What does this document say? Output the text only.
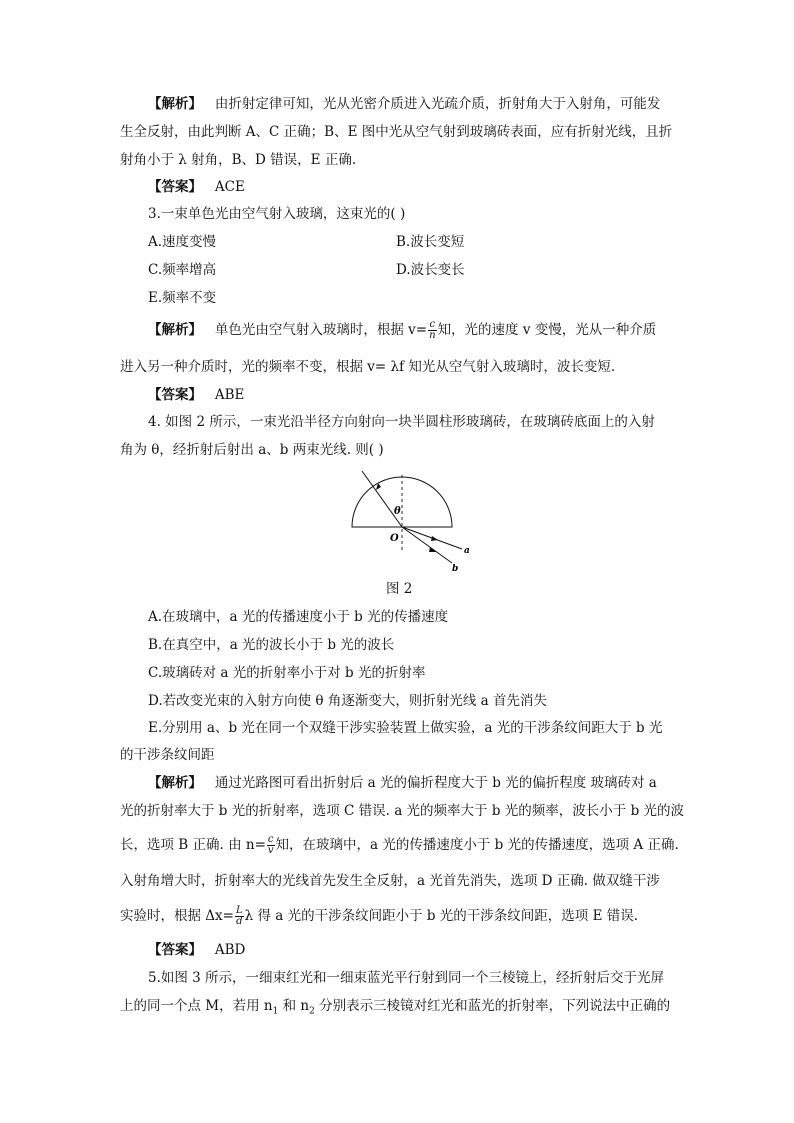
【解析】 由折射定律可知，光从光密介质进入光疏介质，折射角大于入射角，可能发
生全反射，由此判断 A、C 正确；B、E 图中光从空气射到玻璃砖表面，应有折射光线，且折
射角小于 λ 射角，B、D 错误，E 正确.
【答案】 ACE
3.一束单色光由空气射入玻璃，这束光的( )
A.速度变慢	B.波长变短
C.频率增高	D.波长变长
E.频率不变
【解析】 单色光由空气射入玻璃时，根据 $v= \frac{c}{n}$ 知，光的速度 v 变慢，光从一种介质
进入另一种介质时，光的频率不变，根据 v= λf 知光从空气射入玻璃时，波长变短.
【答案】 ABE
4. 如图 2 所示，一束光沿半径方向射向一块半圆柱形玻璃砖，在玻璃砖底面上的入射
角为 θ，经折射后射出 a、b 两束光线. 则( )
θ
O
a
b
图 2
A.在玻璃中，a 光的传播速度小于 b 光的传播速度
B.在真空中，a 光的波长小于 b 光的波长
C.玻璃砖对 a 光的折射率小于对 b 光的折射率
D.若改变光束的入射方向使 θ 角逐渐变大，则折射光线 a 首先消失
E.分别用 a、b 光在同一个双缝干涉实验装置上做实验，a 光的干涉条纹间距大于 b 光
的干涉条纹间距
【解析】 通过光路图可看出折射后 a 光的偏折程度大于 b 光的偏折程度 玻璃砖对 a
光的折射率大于 b 光的折射率，选项 C 错误. a 光的频率大于 b 光的频率，波长小于 b 光的波
长，选项 B 正确. 由 $n= \frac{c}{v}$ 知，在玻璃中，a 光的传播速度小于 b 光的传播速度，选项 A 正确.
入射角增大时，折射率大的光线首先发生全反射，a 光首先消失，选项 D 正确. 做双缝干涉
实验时，根据 $\Delta x= \frac{L}{d}$ λ 得 a 光的干涉条纹间距小于 b 光的干涉条纹间距，选项 E 错误.
【答案】 ABD
5.如图 3 所示，一细束红光和一细束蓝光平行射到同一个三棱镜上，经折射后交于光屏
上的同一个点 M，若用 $n_1$ 和 $n_2$ 分别表示三棱镜对红光和蓝光的折射率，下列说法中正确的
